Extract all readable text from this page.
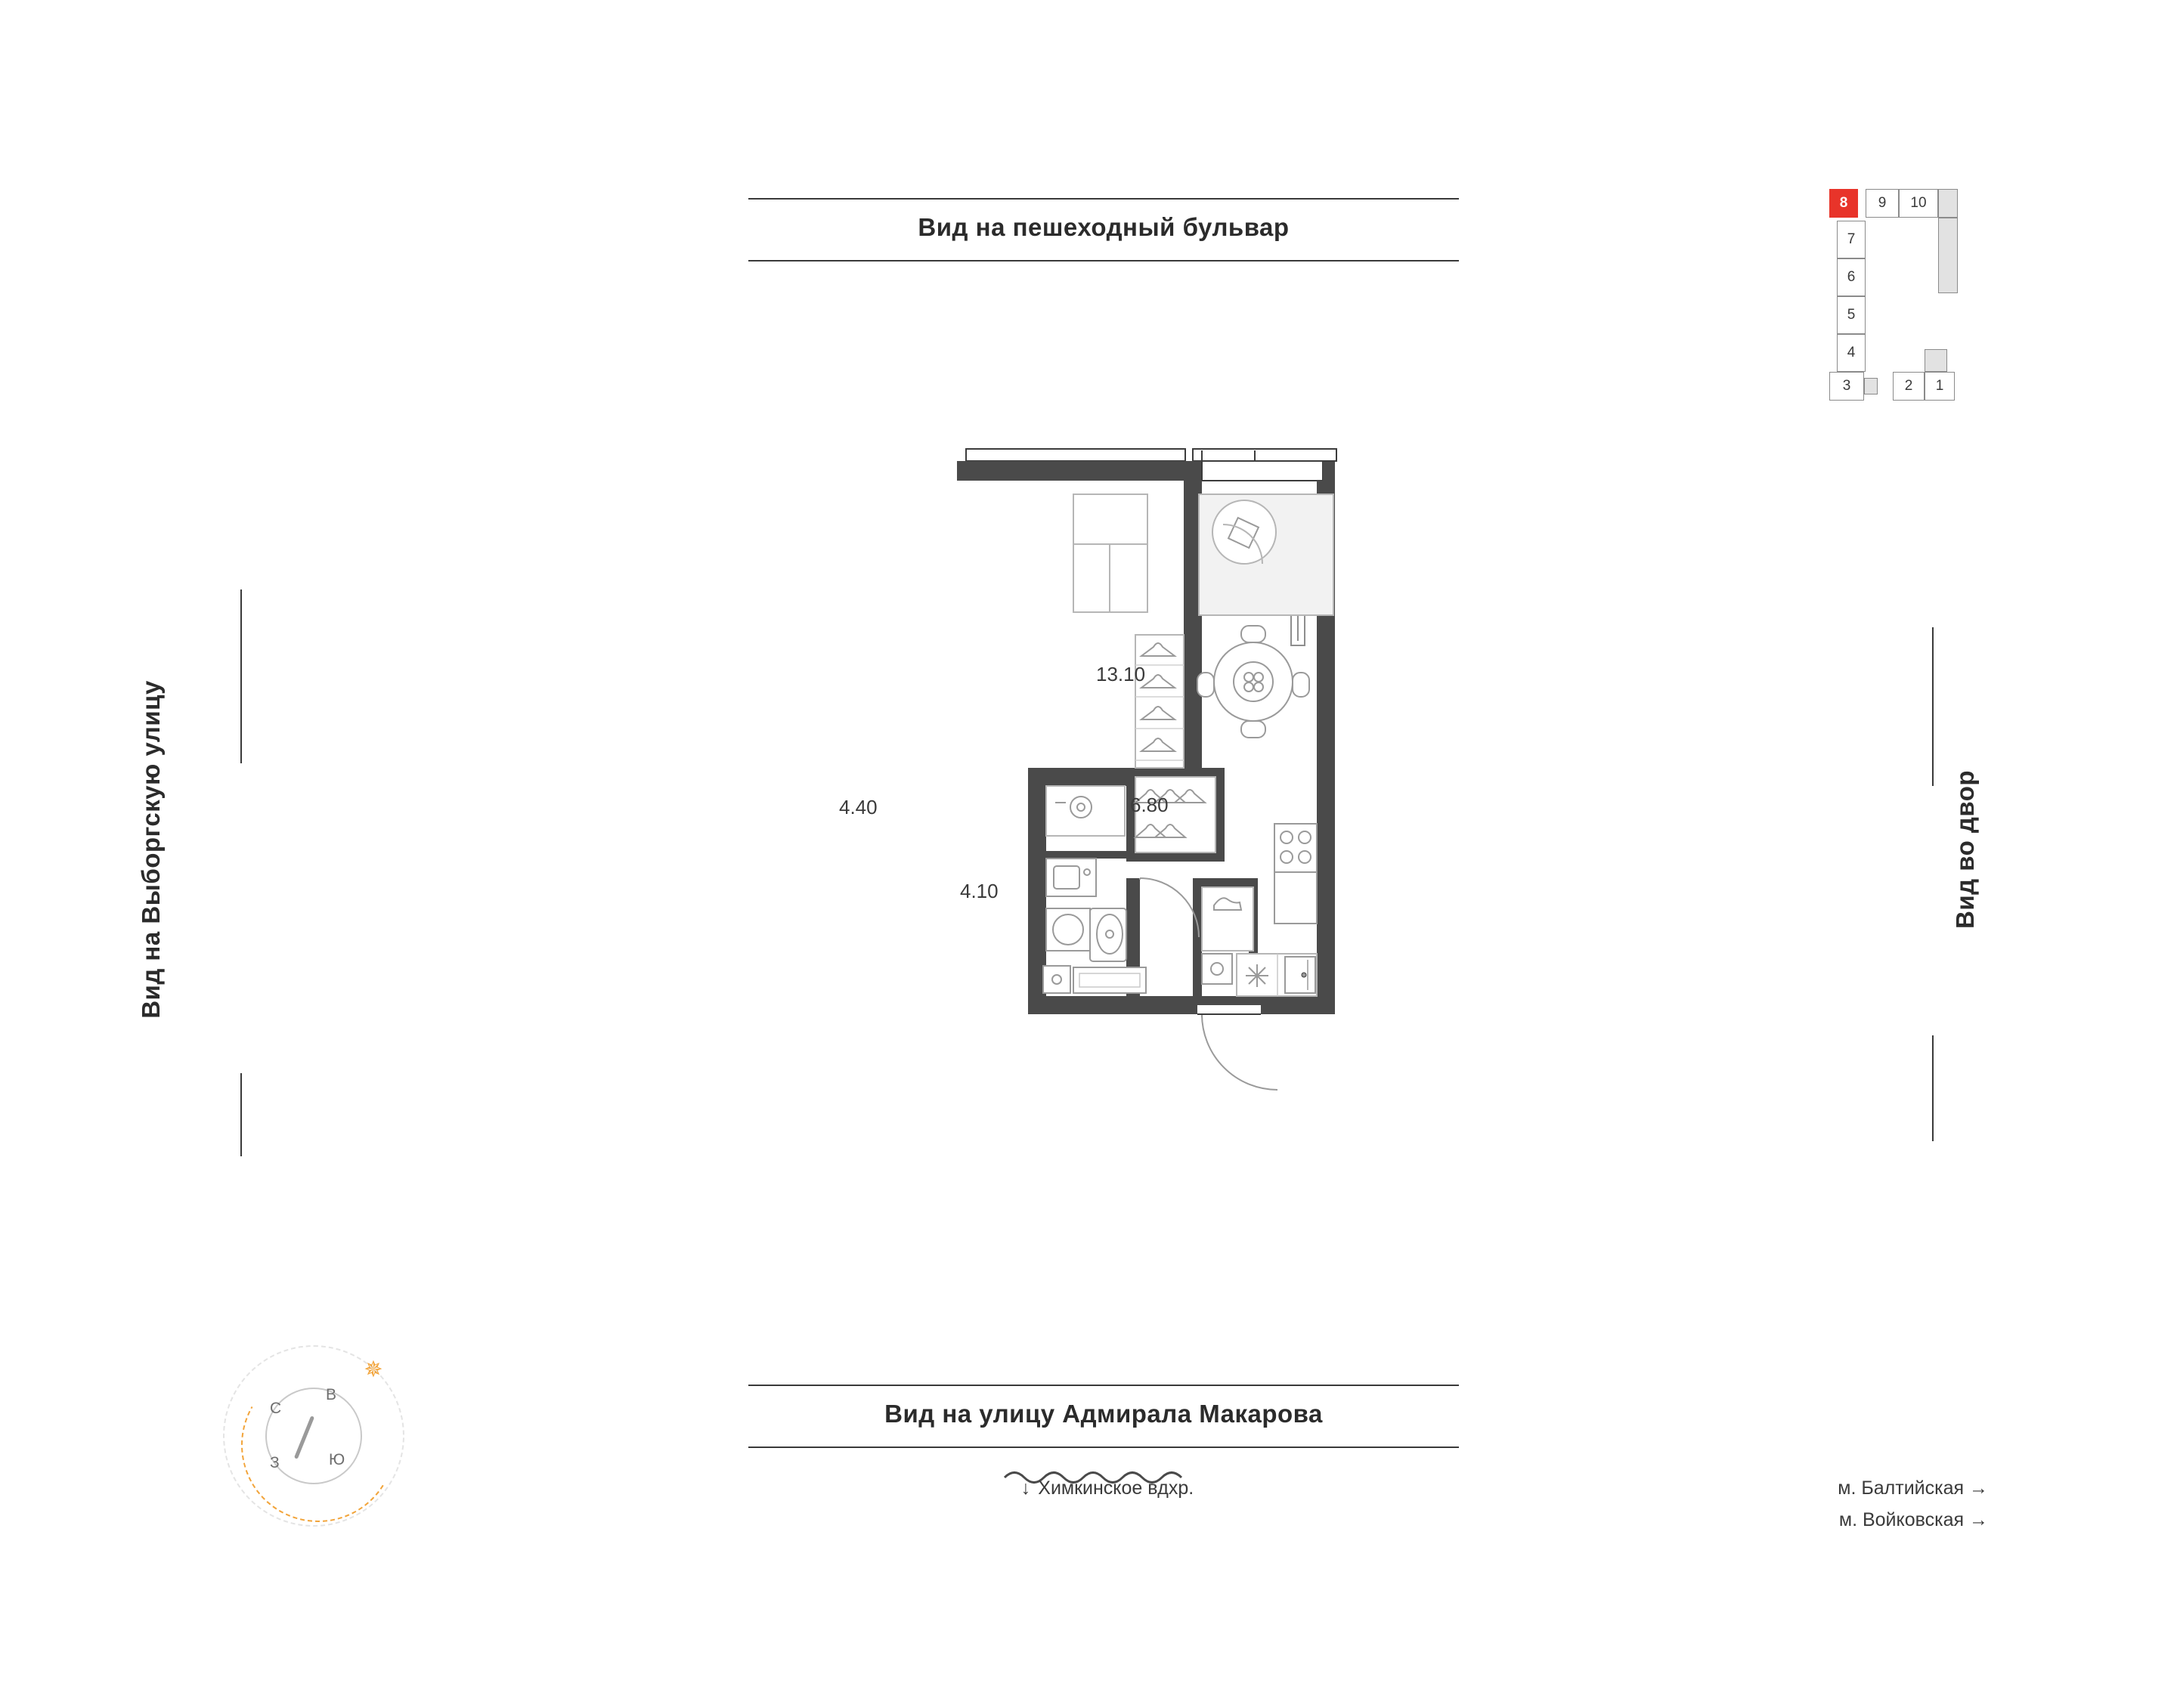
Вид на пешеходный бульвар
Вид на улицу Адмирала Макарова
Вид на Выборгскую улицу	Вид во двор
↓ Химкинское вдхр.	м. Балтийская →
м. Войковская →
✵
С
В
Ю
З
8	9	10
7
6
5
4
3	2	1
13.10
4.40
4.10
6.80
